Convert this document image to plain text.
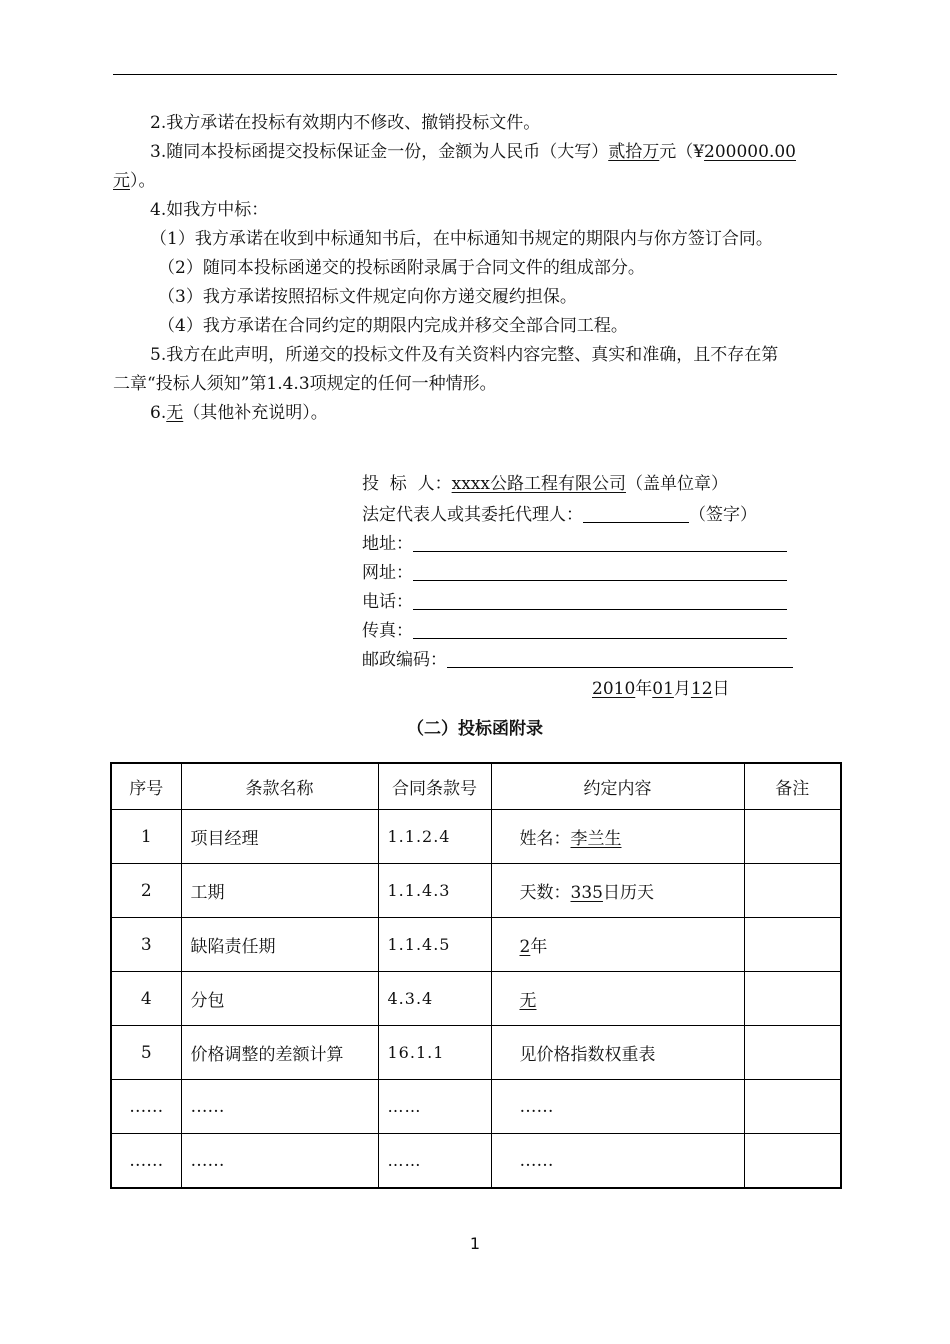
2.我方承诺在投标有效期内不修改、撤销投标文件。
3.随同本投标函提交投标保证金一份，金额为人民币（大写）贰拾万元（¥200000.00
元）。
4.如我方中标：
（1）我方承诺在收到中标通知书后，在中标通知书规定的期限内与你方签订合同。
（2）随同本投标函递交的投标函附录属于合同文件的组成部分。
（3）我方承诺按照招标文件规定向你方递交履约担保。
（4）我方承诺在合同约定的期限内完成并移交全部合同工程。
5.我方在此声明，所递交的投标文件及有关资料内容完整、真实和准确，且不存在第
二章“投标人须知”第1.4.3项规定的任何一种情形。
6.无（其他补充说明）。
投  标  人：xxxx公路工程有限公司（盖单位章）
法定代表人或其委托代理人：	（签字）
地址：
网址：
电话：
传真：
邮政编码：
2010年01月12日
（二）投标函附录
序号	条款名称	合同条款号	约定内容	备注
1	项目经理	1.1.2.4	姓名：李兰生	
2	工期	1.1.4.3	天数：335日历天	
3	缺陷责任期	1.1.4.5	2年	
4	分包	4.3.4	无	
5	价格调整的差额计算	16.1.1	见价格指数权重表	
……	……	……	……	
……	……	……	……	
1
